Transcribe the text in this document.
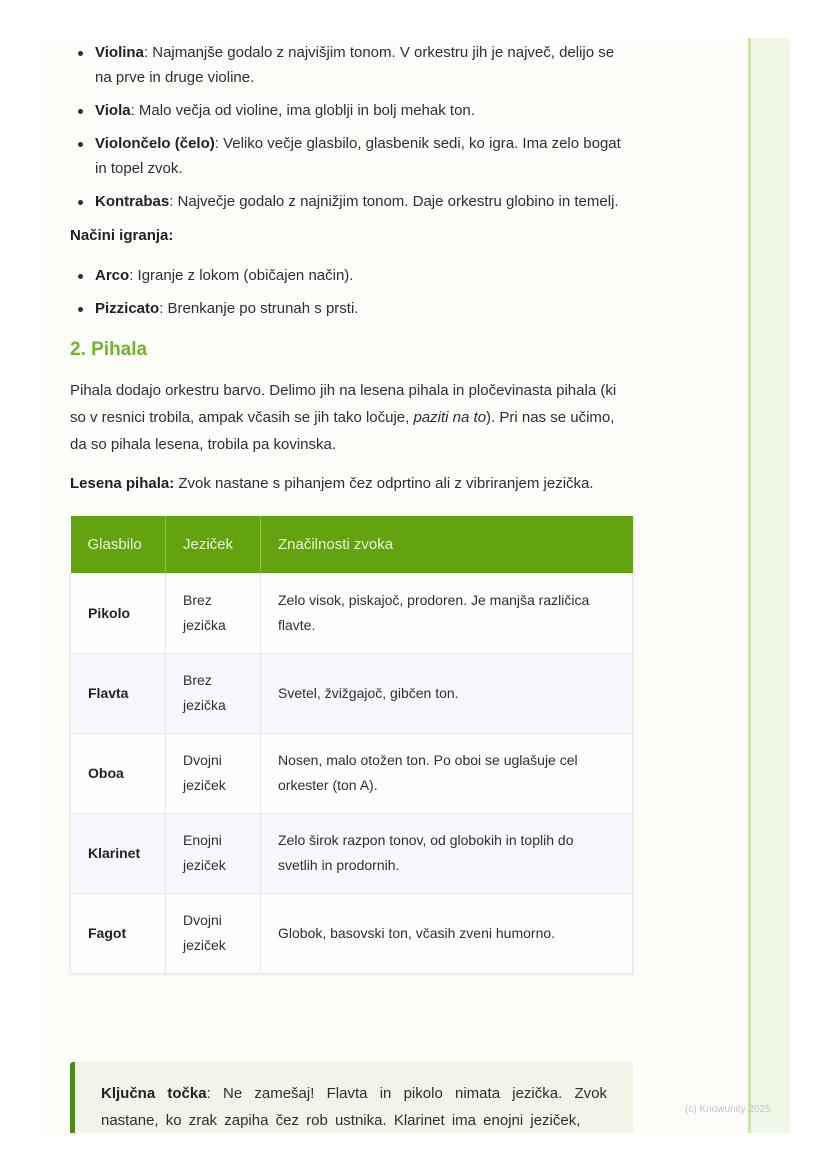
Violina: Najmanjše godalo z najvišjim tonom. V orkestru jih je največ, delijo se na prve in druge violine.
Viola: Malo večja od violine, ima globlji in bolj mehak ton.
Violončelo (čelo): Veliko večje glasbilo, glasbenik sedi, ko igra. Ima zelo bogat in topel zvok.
Kontrabas: Največje godalo z najnižjim tonom. Daje orkestru globino in temelj.
Načini igranja:
Arco: Igranje z lokom (običajen način).
Pizzicato: Brenkanje po strunah s prsti.
2. Pihala

Pihala dodajo orkestru barvo. Delimo jih na lesena pihala in pločevinasta pihala (ki so v resnici trobila, ampak včasih se jih tako ločuje, paziti na to). Pri nas se učimo, da so pihala lesena, trobila pa kovinska.

Lesena pihala: Zvok nastane s pihanjem čez odprtino ali z vibriranjem jezička.

Glasbilo	Jeziček	Značilnosti zvoka
Pikolo	Brez jezička	Zelo visok, piskajoč, prodoren. Je manjša različica flavte.
Flavta	Brez jezička	Svetel, žvižgajoč, gibčen ton.
Oboa	Dvojni jeziček	Nosen, malo otožen ton. Po oboi se uglašuje cel orkester (ton A).
Klarinet	Enojni jeziček	Zelo širok razpon tonov, od globokih in toplih do svetlih in prodornih.
Fagot	Dvojni jeziček	Globok, basovski ton, včasih zveni humorno.
Ključna točka: Ne zamešaj! Flavta in pikolo nimata jezička. Zvok nastane, ko zrak zapiha čez rob ustnika. Klarinet ima enojni jeziček,
(c) Knowunity 2025
